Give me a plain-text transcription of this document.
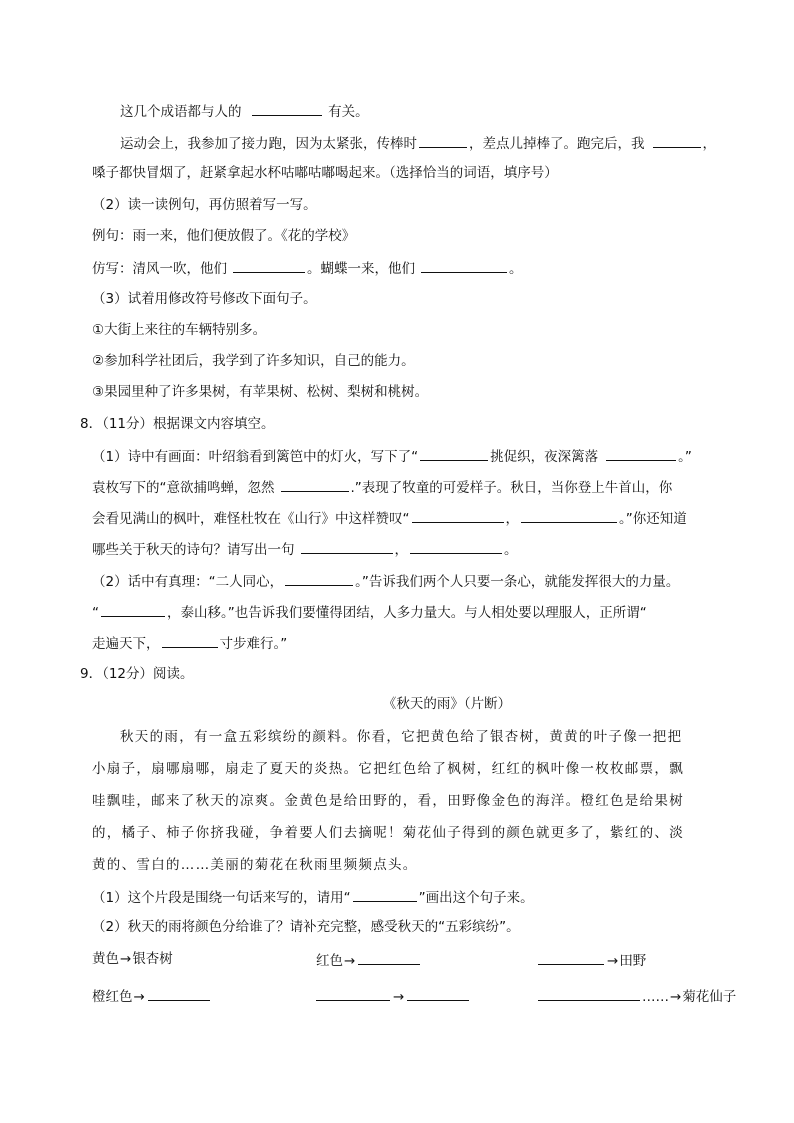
这几个成语都与人的	有关。
运动会上，我参加了接力跑，因为太紧张，传棒时	，差点儿掉棒了。跑完后，我	，
嗓子都快冒烟了，赶紧拿起水杯咕嘟咕嘟喝起来。（选择恰当的词语，填序号）
（2）读一读例句，再仿照着写一写。
例句：雨一来，他们便放假了。《花的学校》
仿写：清风一吹，他们	。蝴蝶一来，他们	。
（3）试着用修改符号修改下面句子。
①大街上来往的车辆特别多。
②参加科学社团后，我学到了许多知识，自己的能力。
③果园里种了许多果树，有苹果树、松树、梨树和桃树。
8．（11分）根据课文内容填空。
（1）诗中有画面：叶绍翁看到篱笆中的灯火，写下了“	挑促织，夜深篱落	。”
袁枚写下的“意欲捕鸣蝉，忽然	.”表现了牧童的可爱样子。秋日，当你登上牛首山，你
会看见满山的枫叶，难怪杜牧在《山行》中这样赞叹“	，	。”你还知道
哪些关于秋天的诗句？请写出一句	，	。
（2）话中有真理：“二人同心，	。”告诉我们两个人只要一条心，就能发挥很大的力量。
“	，泰山移。”也告诉我们要懂得团结，人多力量大。与人相处要以理服人，正所谓“
走遍天下，	寸步难行。”
9．（12分）阅读。
《秋天的雨》（片断）
秋天的雨，有一盒五彩缤纷的颜料。你看，它把黄色给了银杏树，黄黄的叶子像一把把
小扇子，扇哪扇哪，扇走了夏天的炎热。它把红色给了枫树，红红的枫叶像一枚枚邮票，飘
哇飘哇，邮来了秋天的凉爽。金黄色是给田野的，看，田野像金色的海洋。橙红色是给果树
的，橘子、柿子你挤我碰，争着要人们去摘呢！菊花仙子得到的颜色就更多了，紫红的、淡
黄的、雪白的……美丽的菊花在秋雨里频频点头。
（1）这个片段是围绕一句话来写的，请用“	”画出这个句子来。
（2）秋天的雨将颜色分给谁了？请补充完整，感受秋天的“五彩缤纷”。
黄色→银杏树	红色→	→田野
橙红色→	→	……→菊花仙子
